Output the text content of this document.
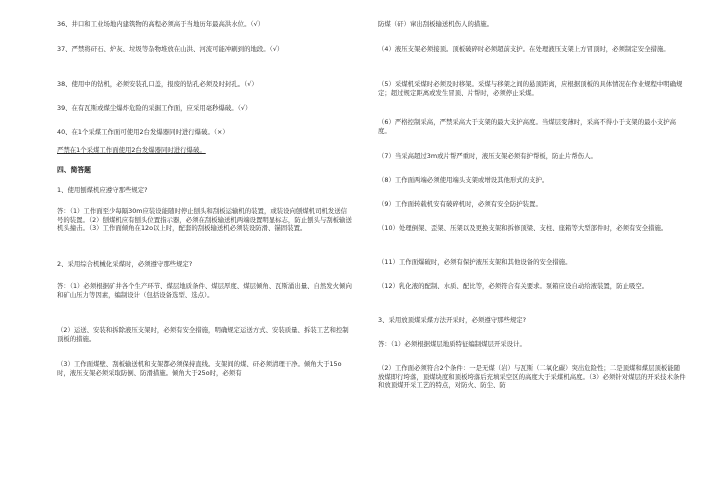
36、井口和工业场地内建筑物的高程必须高于当地历年最高洪水位。（√）
37、严禁将矸石、炉灰、垃圾等杂物堆放在山洪、河流可能冲刷到的地段。（√）
38、使用中的钻机，必须安装孔口盖，报废的钻孔必须及时封孔。（√）
39、在有瓦斯或煤尘爆炸危险的采掘工作面，应采用毫秒爆破。（√）
40、在1个采煤工作面可使用2台发爆器同时进行爆破。（×）
严禁在1个采煤工作面使用2台发爆器同时进行爆破。
四、简答题
1、使用刨煤机应遵守那些规定?
答：（1）工作面至少每隔30m应装设能随时停止刨头和刮板运输机的装置，或装设向刨煤机司机发送信号的装置。（2）刨煤机应有刨头位置指示器，必须在刮板输送机两端设置明显标志，防止刨头与刮板输送机头撞击。（3）工作面倾角在12o以上时，配套的刮板输送机必须装设防滑、锚固装置。
2、采用综合机械化采煤时，必须遵守那些规定?
答：（1）必须根据矿井各个生产环节、煤层地质条件、煤层厚度、煤层倾角、瓦斯涌出量、自然发火倾向和矿山压力等因素，编制设计（包括设备选型、选点）。
（2）运送、安装和拆除液压支架时，必须有安全措施，明确规定运送方式、安装质量、拆装工艺和控制顶板的措施。
（3）工作面煤壁、刮板输送机和支架都必须保持直线。支架间的煤、矸必须清理干净。倾角大于15o时，液压支架必须采取防倒、防滑措施。倾角大于25o时，必须有
防煤（矸）窜出刮板输送机伤人的措施。
（4）液压支架必须接顶。顶板破碎时必须超前支护。在处理液压支架上方冒顶时，必须制定安全措施。
（5）采煤机采煤时必须及时移架。采煤与移架之间的悬顶距离，应根据顶板的具体情况在作业规程中明确规定；超过规定距离或发生冒顶、片帮时，必须停止采煤。
（6）严格控制采高，严禁采高大于支架的最大支护高度。当煤层变薄时，采高不得小于支架的最小支护高度。
（7）当采高超过3m或片帮严重时，液压支架必须有护帮板，防止片帮伤人。
（8）工作面两端必须使用端头支架或增设其他形式的支护。
（9）工作面转载机安有破碎机时，必须有安全防护装置。
（10）处理倒架、歪架、压架以及更换支架和拆修顶梁、支柱、座箱等大型部件时，必须有安全措施。
（11）工作面爆破时，必须有保护液压支架和其他设备的安全措施。
（12）乳化液的配制、水质、配比等，必须符合有关要求。泵箱应设自动给液装置，防止吸空。
3、采用放顶煤采煤方法开采时，必须遵守那些规定?
答：（1）必须根据煤层地质特征编制煤层开采设计。
（2）工作面必须符合2个条件：一是无煤（岩）与瓦斯（二氧化碳）突出危险性；二是顶煤和煤层顶板能随放煤即行垮落，顶煤块度和顶板垮落后充填采空区的高度大于采煤机高度。（3）必须针对煤层的开采技术条件和放顶煤开采工艺的特点，对防火、防尘、防
